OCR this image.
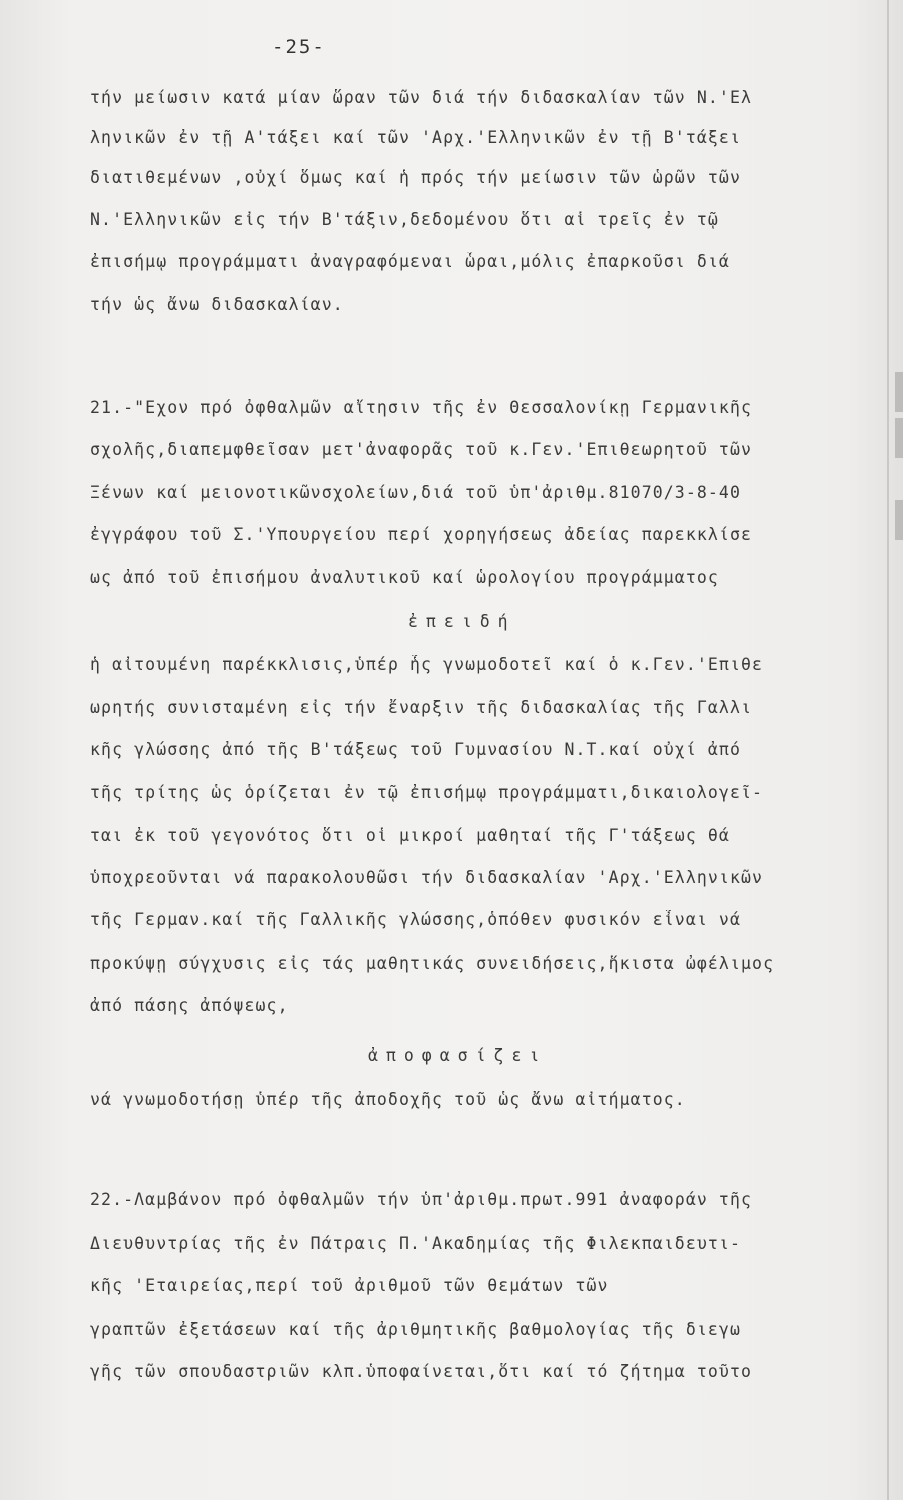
-25-
τήν μείωσιν κατά μίαν ὥραν τῶν διά τήν διδασκαλίαν τῶν Ν.'Ελ
ληνικῶν ἐν τῇ Α'τάξει καί τῶν 'Αρχ.'Ελληνικῶν ἐν τῇ Β'τάξει
διατιθεμένων ,οὐχί ὅμως καί ἡ πρός τήν μείωσιν τῶν ὡρῶν τῶν
Ν.'Ελληνικῶν εἰς τήν Β'τάξιν,δεδομένου ὅτι αἱ τρεῖς ἐν τῷ
ἐπισήμῳ προγράμματι ἀναγραφόμεναι ὧραι,μόλις ἐπαρκοῦσι διά
τήν ὡς ἄνω διδασκαλίαν.
21.-"Εχον πρό ὀφθαλμῶν αἴτησιν τῆς ἐν Θεσσαλονίκῃ Γερμανικῆς
σχολῆς,διαπεμφθεῖσαν μετ'ἀναφορᾶς τοῦ κ.Γεν.'Επιθεωρητοῦ τῶν
Ξένων καί μειονοτικῶνσχολείων,διά τοῦ ὑπ'ἀριθμ.81070/3-8-40
ἐγγράφου τοῦ Σ.'Υπουργείου περί χορηγήσεως ἀδείας παρεκκλίσε
ως ἀπό τοῦ ἐπισήμου ἀναλυτικοῦ καί ὡρολογίου προγράμματος
ἐπειδή
ἡ αἰτουμένη παρέκκλισις,ὑπέρ ἧς γνωμοδοτεῖ καί ὁ κ.Γεν.'Επιθε
ωρητής συνισταμένη εἰς τήν ἔναρξιν τῆς διδασκαλίας τῆς Γαλλι
κῆς γλώσσης ἀπό τῆς Β'τάξεως τοῦ Γυμνασίου Ν.Τ.καί οὐχί ἀπό
τῆς τρίτης ὡς ὁρίζεται ἐν τῷ ἐπισήμῳ προγράμματι,δικαιολογεῖ-
ται ἐκ τοῦ γεγονότος ὅτι οἱ μικροί μαθηταί τῆς Γ'τάξεως θά
ὑποχρεοῦνται νά παρακολουθῶσι τήν διδασκαλίαν 'Αρχ.'Ελληνικῶν
τῆς Γερμαν.καί τῆς Γαλλικῆς γλώσσης,ὁπόθεν φυσικόν εἶναι νά
προκύψῃ σύγχυσις εἰς τάς μαθητικάς συνειδήσεις,ἥκιστα ὠφέλιμος
ἀπό πάσης ἀπόψεως,
ἀποφασίζει
νά γνωμοδοτήσῃ ὑπέρ τῆς ἀποδοχῆς τοῦ ὡς ἄνω αἰτήματος.
22.-Λαμβάνον πρό ὀφθαλμῶν τήν ὑπ'ἀριθμ.πρωτ.991 ἀναφοράν τῆς
Διευθυντρίας τῆς ἐν Πάτραις Π.'Ακαδημίας τῆς Φιλεκπαιδευτι-
κῆς 'Εταιρείας,περί τοῦ ἀριθμοῦ τῶν θεμάτων τῶν
γραπτῶν ἐξετάσεων καί τῆς ἀριθμητικῆς βαθμολογίας τῆς διεγω
γῆς τῶν σπουδαστριῶν κλπ.ὑποφαίνεται,ὅτι καί τό ζήτημα τοῦτο
